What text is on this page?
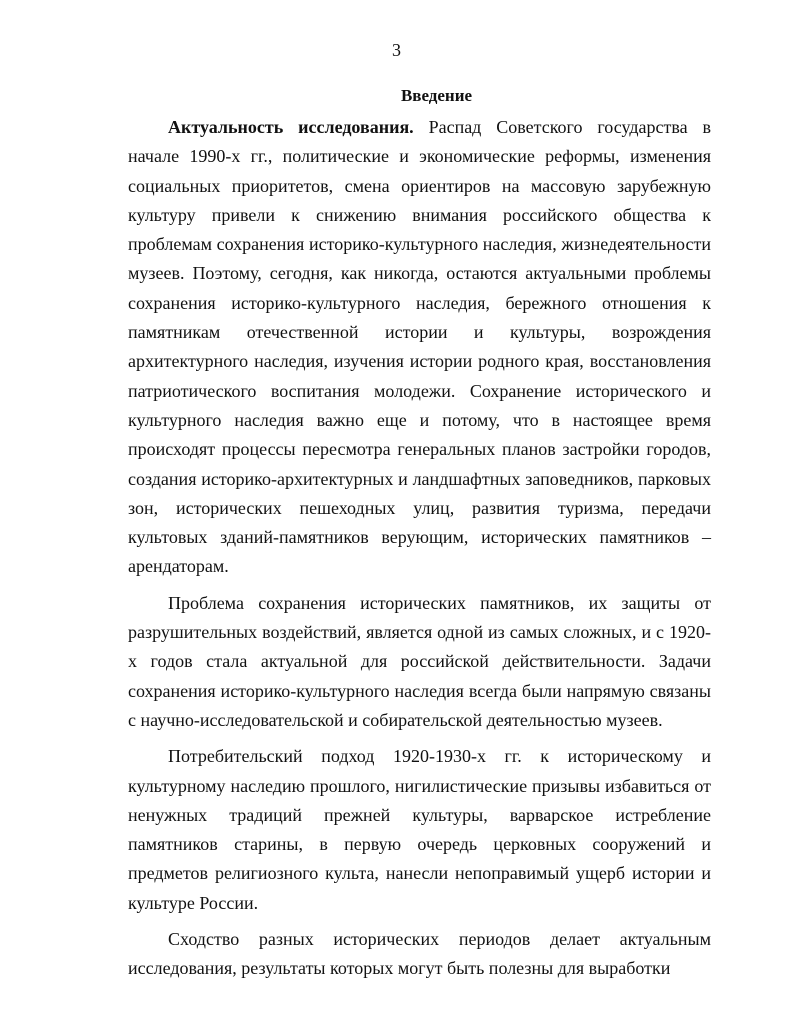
3
Введение

Актуальность исследования. Распад Советского государства в начале 1990-х гг., политические и экономические реформы, изменения социальных приоритетов, смена ориентиров на массовую зарубежную культуру привели к снижению внимания российского общества к проблемам сохранения историко-культурного наследия, жизнедеятельности музеев. Поэтому, сегодня, как никогда, остаются актуальными проблемы сохранения историко-культурного наследия, бережного отношения к памятникам отечественной истории и культуры, возрождения архитектурного наследия, изучения истории родного края, восстановления патриотического воспитания молодежи. Сохранение исторического и культурного наследия важно еще и потому, что в настоящее время происходят процессы пересмотра генеральных планов застройки городов, создания историко-архитектурных и ландшафтных заповедников, парковых зон, исторических пешеходных улиц, развития туризма, передачи культовых зданий-памятников верующим, исторических памятников – арендаторам.

Проблема сохранения исторических памятников, их защиты от разрушительных воздействий, является одной из самых сложных, и с 1920-х годов стала актуальной для российской действительности. Задачи сохранения историко-культурного наследия всегда были напрямую связаны с научно-исследовательской и собирательской деятельностью музеев.

Потребительский подход 1920-1930-х гг. к историческому и культурному наследию прошлого, нигилистические призывы избавиться от ненужных традиций прежней культуры, варварское истребление памятников старины, в первую очередь церковных сооружений и предметов религиозного культа, нанесли непоправимый ущерб истории и культуре России.

Сходство разных исторических периодов делает актуальным исследования, результаты которых могут быть полезны для выработки
